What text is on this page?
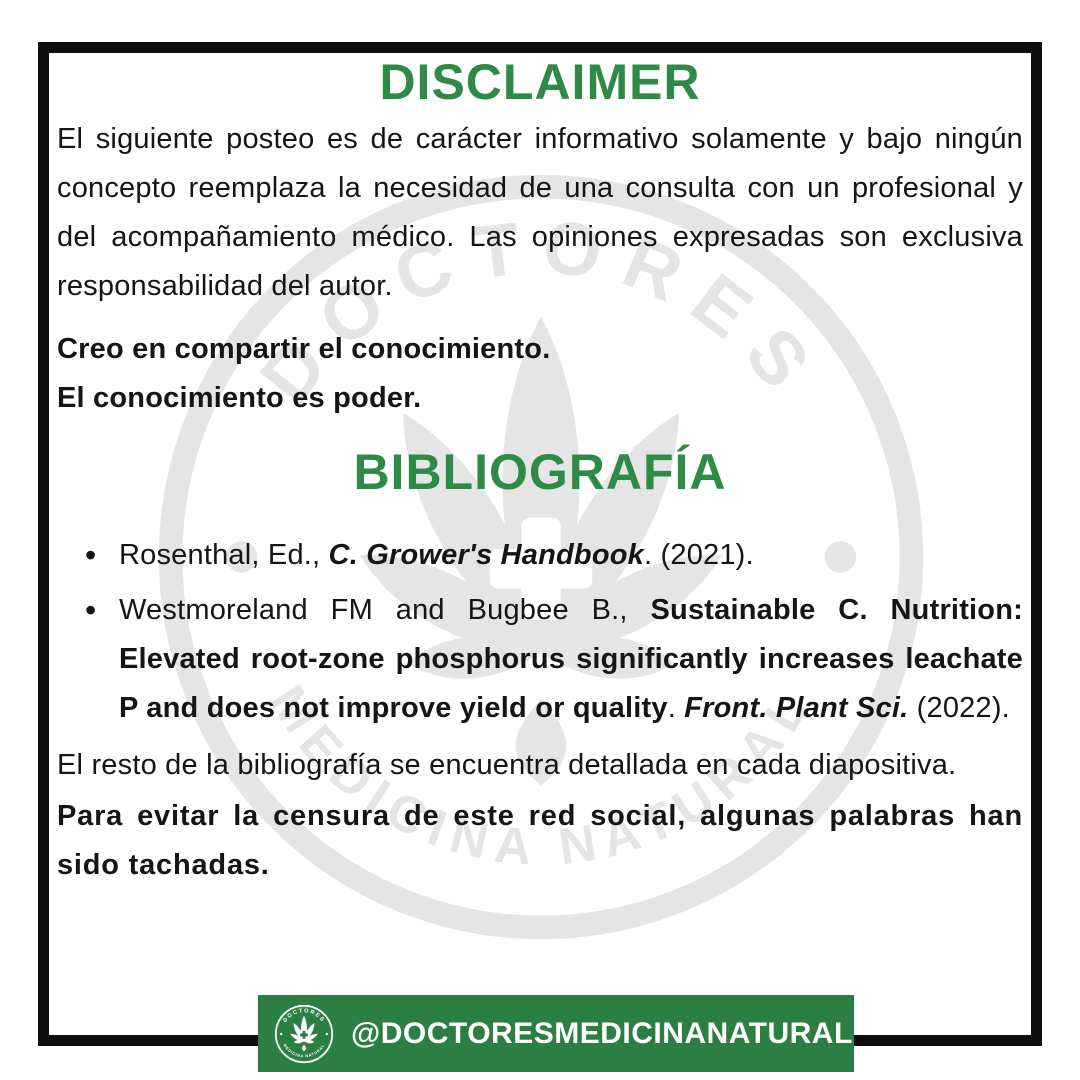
DISCLAIMER

El siguiente posteo es de carácter informativo solamente y bajo ningún concepto reemplaza la necesidad de una consulta con un profesional y del acompañamiento médico. Las opiniones expresadas son exclusiva responsabilidad del autor.

Creo en compartir el conocimiento.

El conocimiento es poder.

BIBLIOGRAFÍA
• Rosenthal, Ed., C. Grower's Handbook. (2021).
• Westmoreland FM and Bugbee B., Sustainable C. Nutrition: Elevated root-zone phosphorus significantly increases leachate P and does not improve yield or quality. Front. Plant Sci. (2022).

El resto de la bibliografía se encuentra detallada en cada diapositiva.

Para evitar la censura de este red social, algunas palabras han sido tachadas.

@DOCTORESMEDICINANATURAL
